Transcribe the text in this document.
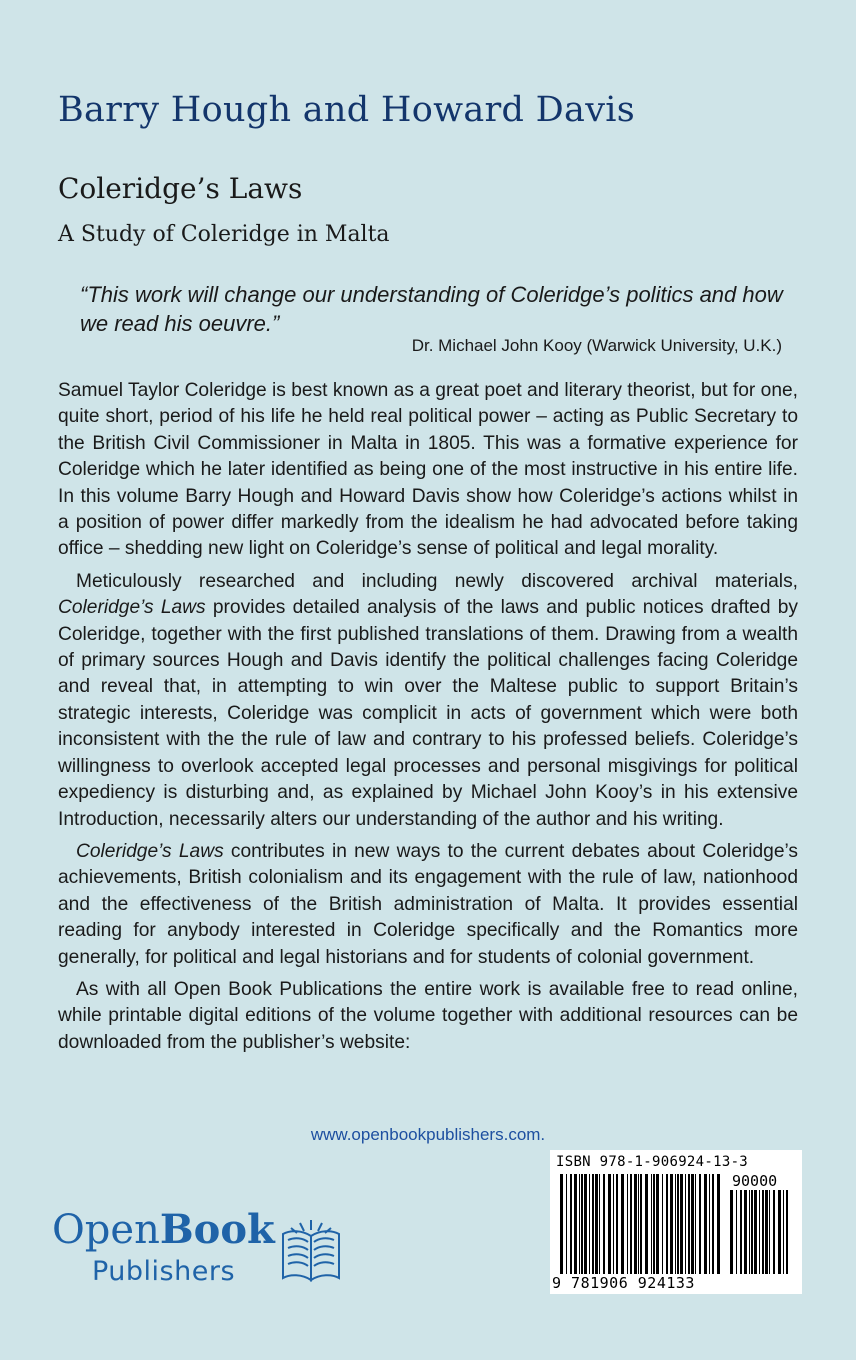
Barry Hough and Howard Davis
Coleridge’s Laws
A Study of Coleridge in Malta
“This work will change our understanding of Coleridge’s politics and how we read his oeuvre.”
Dr. Michael John Kooy (Warwick University, U.K.)

Samuel Taylor Coleridge is best known as a great poet and literary theorist, but for one, quite short, period of his life he held real political power – acting as Public Secretary to the British Civil Commissioner in Malta in 1805. This was a formative experience for Coleridge which he later identified as being one of the most instructive in his entire life. In this volume Barry Hough and Howard Davis show how Coleridge’s actions whilst in a position of power differ markedly from the idealism he had advocated before taking office – shedding new light on Coleridge’s sense of political and legal morality.

Meticulously researched and including newly discovered archival materials, Coleridge’s Laws provides detailed analysis of the laws and public notices drafted by Coleridge, together with the first published translations of them. Drawing from a wealth of primary sources Hough and Davis identify the political challenges facing Coleridge and reveal that, in attempting to win over the Maltese public to support Britain’s strategic interests, Coleridge was complicit in acts of government which were both inconsistent with the the rule of law and contrary to his professed beliefs. Coleridge’s willingness to overlook accepted legal processes and personal misgivings for political expediency is disturbing and, as explained by Michael John Kooy’s in his extensive Introduction, necessarily alters our understanding of the author and his writing.

Coleridge’s Laws contributes in new ways to the current debates about Coleridge’s achievements, British colonialism and its engagement with the rule of law, nationhood and the effectiveness of the British administration of Malta. It provides essential reading for anybody interested in Coleridge specifically and the Romantics more generally, for political and legal historians and for students of colonial government.

As with all Open Book Publications the entire work is available free to read online, while printable digital editions of the volume together with additional resources can be downloaded from the publisher’s website:

www.openbookpublishers.com.
OpenBook
Publishers
ISBN 978-1-906924-13-3
90000
9 781906 924133
